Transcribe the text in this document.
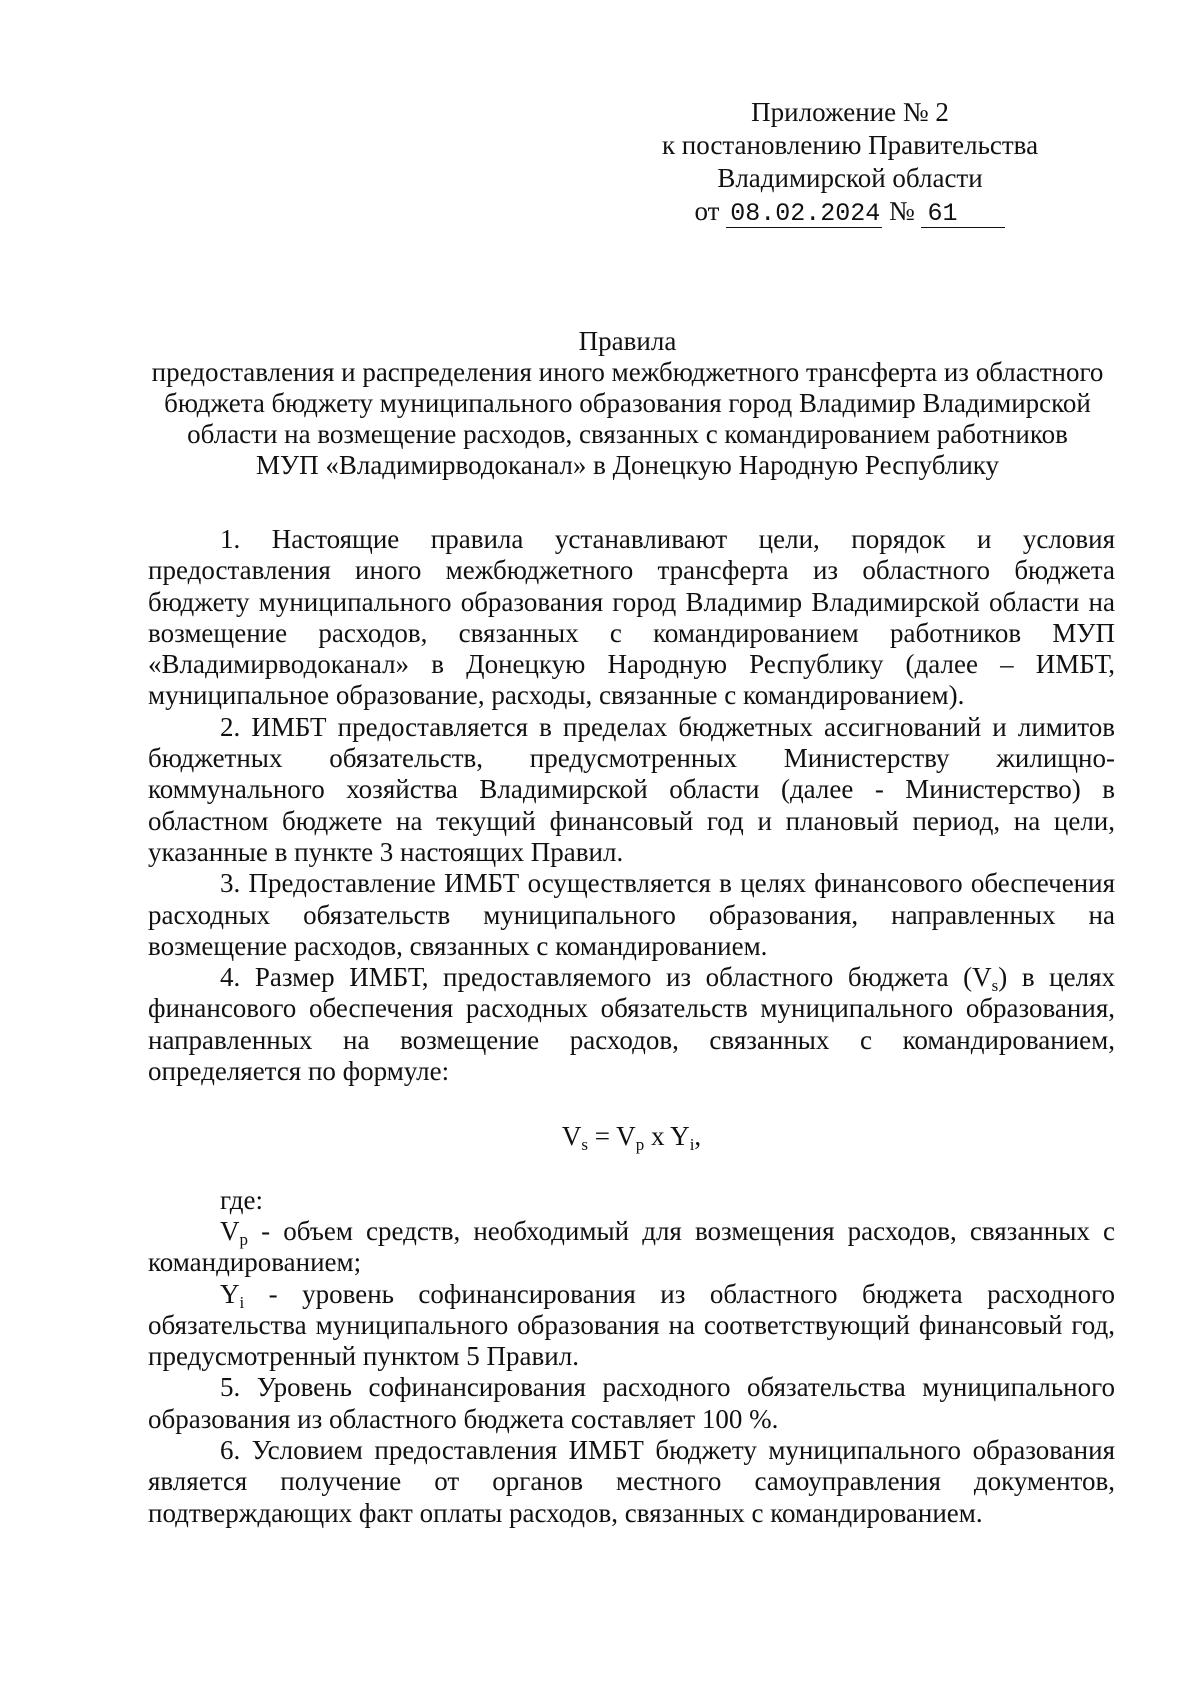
Приложение № 2
к постановлению Правительства
Владимирской области
от 08.02.2024 № 61
Правила
предоставления и распределения иного межбюджетного трансферта из областного
бюджета бюджету муниципального образования город Владимир Владимирской
области на возмещение расходов, связанных с командированием работников
МУП «Владимирводоканал» в Донецкую Народную Республику

1. Настоящие правила устанавливают цели, порядок и условия предоставления иного межбюджетного трансферта из областного бюджета бюджету муниципального образования город Владимир Владимирской области на возмещение расходов, связанных с командированием работников МУП «Владимирводоканал» в Донецкую Народную Республику (далее – ИМБТ, муниципальное образование, расходы, связанные с командированием).

2. ИМБТ предоставляется в пределах бюджетных ассигнований и лимитов бюджетных обязательств, предусмотренных Министерству жилищно-коммунального хозяйства Владимирской области (далее - Министерство) в областном бюджете на текущий финансовый год и плановый период, на цели, указанные в пункте 3 настоящих Правил.

3. Предоставление ИМБТ осуществляется в целях финансового обеспечения расходных обязательств муниципального образования, направленных на возмещение расходов, связанных с командированием.

4. Размер ИМБТ, предоставляемого из областного бюджета $(V_s)$ в целях финансового обеспечения расходных обязательств муниципального образования, направленных на возмещение расходов, связанных с командированием, определяется по формуле:

$V_s = V_p$ x $Y_i$,

где:

$V_p$ - объем средств, необходимый для возмещения расходов, связанных с командированием;

$Y_i$ - уровень софинансирования из областного бюджета расходного обязательства муниципального образования на соответствующий финансовый год, предусмотренный пунктом 5 Правил.

5. Уровень софинансирования расходного обязательства муниципального образования из областного бюджета составляет 100 %.

6. Условием предоставления ИМБТ бюджету муниципального образования является получение от органов местного самоуправления документов, подтверждающих факт оплаты расходов, связанных с командированием.
